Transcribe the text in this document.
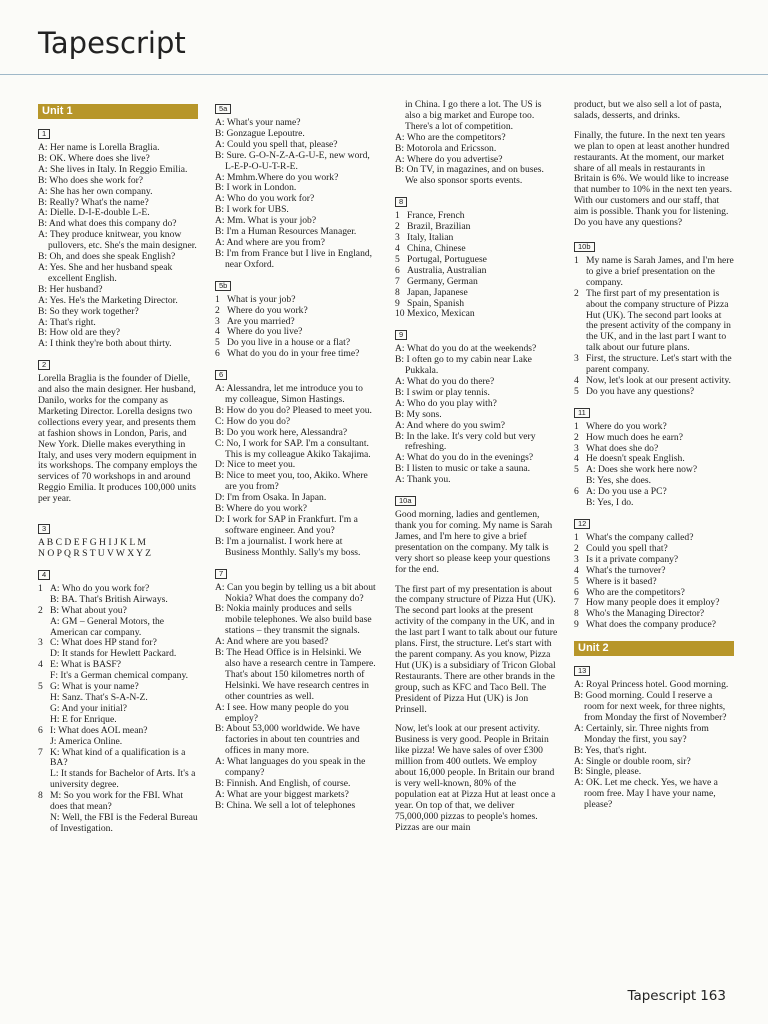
Tapescript
Unit 1
1
A: Her name is Lorella Braglia.
B: OK. Where does she live?
A: She lives in Italy. In Reggio Emilia.
B: Who does she work for?
A: She has her own company.
B: Really? What's the name?
A: Dielle. D-I-E-double L-E.
B: And what does this company do?
A: They produce knitwear, you know pullovers, etc. She's the main designer.
B: Oh, and does she speak English?
A: Yes. She and her husband speak excellent English.
B: Her husband?
A: Yes. He's the Marketing Director.
B: So they work together?
A: That's right.
B: How old are they?
A: I think they're both about thirty.
2
Lorella Braglia is the founder of Dielle, and also the main designer. Her husband, Danilo, works for the company as Marketing Director. Lorella designs two collections every year, and presents them at fashion shows in London, Paris, and New York. Dielle makes everything in Italy, and uses very modern equipment in its workshops. The company employs the services of 70 workshops in and around Reggio Emilia. It produces 100,000 units per year.
3
A B C D E F G H I J K L M
N O P Q R S T U V W X Y Z
4
1 A: Who do you work for?
B: BA. That's British Airways.
2 B: What about you?
A: GM – General Motors, the American car company.
3 C: What does HP stand for?
D: It stands for Hewlett Packard.
4 E: What is BASF?
F: It's a German chemical company.
5 G: What is your name?
H: Sanz. That's S-A-N-Z.
G: And your initial?
H: E for Enrique.
6 I: What does AOL mean?
J: America Online.
7 K: What kind of a qualification is a BA?
L: It stands for Bachelor of Arts. It's a university degree.
8 M: So you work for the FBI. What does that mean?
N: Well, the FBI is the Federal Bureau of Investigation.
5a
A: What's your name?
B: Gonzague Lepoutre.
A: Could you spell that, please?
B: Sure. G-O-N-Z-A-G-U-E, new word, L-E-P-O-U-T-R-E.
A: Mmhm.Where do you work?
B: I work in London.
A: Who do you work for?
B: I work for UBS.
A: Mm. What is your job?
B: I'm a Human Resources Manager.
A: And where are you from?
B: I'm from France but I live in England, near Oxford.
5b
1 What is your job?
2 Where do you work?
3 Are you married?
4 Where do you live?
5 Do you live in a house or a flat?
6 What do you do in your free time?
6
A: Alessandra, let me introduce you to my colleague, Simon Hastings.
B: How do you do? Pleased to meet you.
C: How do you do?
B: Do you work here, Alessandra?
C: No, I work for SAP. I'm a consultant. This is my colleague Akiko Takajima.
D: Nice to meet you.
B: Nice to meet you, too, Akiko. Where are you from?
D: I'm from Osaka. In Japan.
B: Where do you work?
D: I work for SAP in Frankfurt. I'm a software engineer. And you?
B: I'm a journalist. I work here at Business Monthly. Sally's my boss.
7
A: Can you begin by telling us a bit about Nokia? What does the company do?
B: Nokia mainly produces and sells mobile telephones. We also build base stations – they transmit the signals.
A: And where are you based?
B: The Head Office is in Helsinki. We also have a research centre in Tampere. That's about 150 kilometres north of Helsinki. We have research centres in other countries as well.
A: I see. How many people do you employ?
B: About 53,000 worldwide. We have factories in about ten countries and offices in many more.
A: What languages do you speak in the company?
B: Finnish. And English, of course.
A: What are your biggest markets?
B: China. We sell a lot of telephones
in China. I go there a lot. The US is also a big market and Europe too. There's a lot of competition.
A: Who are the competitors?
B: Motorola and Ericsson.
A: Where do you advertise?
B: On TV, in magazines, and on buses. We also sponsor sports events.
8
1 France, French
2 Brazil, Brazilian
3 Italy, Italian
4 China, Chinese
5 Portugal, Portuguese
6 Australia, Australian
7 Germany, German
8 Japan, Japanese
9 Spain, Spanish
10 Mexico, Mexican
9
A: What do you do at the weekends?
B: I often go to my cabin near Lake Pukkala.
A: What do you do there?
B: I swim or play tennis.
A: Who do you play with?
B: My sons.
A: And where do you swim?
B: In the lake. It's very cold but very refreshing.
A: What do you do in the evenings?
B: I listen to music or take a sauna.
A: Thank you.
10a
Good morning, ladies and gentlemen, thank you for coming. My name is Sarah James, and I'm here to give a brief presentation on the company. My talk is very short so please keep your questions for the end.
The first part of my presentation is about the company structure of Pizza Hut (UK). The second part looks at the present activity of the company in the UK, and in the last part I want to talk about our future plans. First, the structure. Let's start with the parent company. As you know, Pizza Hut (UK) is a subsidiary of Tricon Global Restaurants. There are other brands in the group, such as KFC and Taco Bell. The President of Pizza Hut (UK) is Jon Prinsell.
Now, let's look at our present activity. Business is very good. People in Britain like pizza! We have sales of over £300 million from 400 outlets. We employ about 16,000 people. In Britain our brand is very well-known, 80% of the population eat at Pizza Hut at least once a year. On top of that, we deliver 75,000,000 pizzas to people's homes. Pizzas are our main
product, but we also sell a lot of pasta, salads, desserts, and drinks.
Finally, the future. In the next ten years we plan to open at least another hundred restaurants. At the moment, our market share of all meals in restaurants in Britain is 6%. We would like to increase that number to 10% in the next ten years. With our customers and our staff, that aim is possible. Thank you for listening. Do you have any questions?
10b
1 My name is Sarah James, and I'm here to give a brief presentation on the company.
2 The first part of my presentation is about the company structure of Pizza Hut (UK). The second part looks at the present activity of the company in the UK, and in the last part I want to talk about our future plans.
3 First, the structure. Let's start with the parent company.
4 Now, let's look at our present activity.
5 Do you have any questions?
11
1 Where do you work?
2 How much does he earn?
3 What does she do?
4 He doesn't speak English.
5 A: Does she work here now?
B: Yes, she does.
6 A: Do you use a PC?
B: Yes, I do.
12
1 What's the company called?
2 Could you spell that?
3 Is it a private company?
4 What's the turnover?
5 Where is it based?
6 Who are the competitors?
7 How many people does it employ?
8 Who's the Managing Director?
9 What does the company produce?
Unit 2
13
A: Royal Princess hotel. Good morning.
B: Good morning. Could I reserve a room for next week, for three nights, from Monday the first of November?
A: Certainly, sir. Three nights from Monday the first, you say?
B: Yes, that's right.
A: Single or double room, sir?
B: Single, please.
A: OK. Let me check. Yes, we have a room free. May I have your name, please?
Tapescript 163
